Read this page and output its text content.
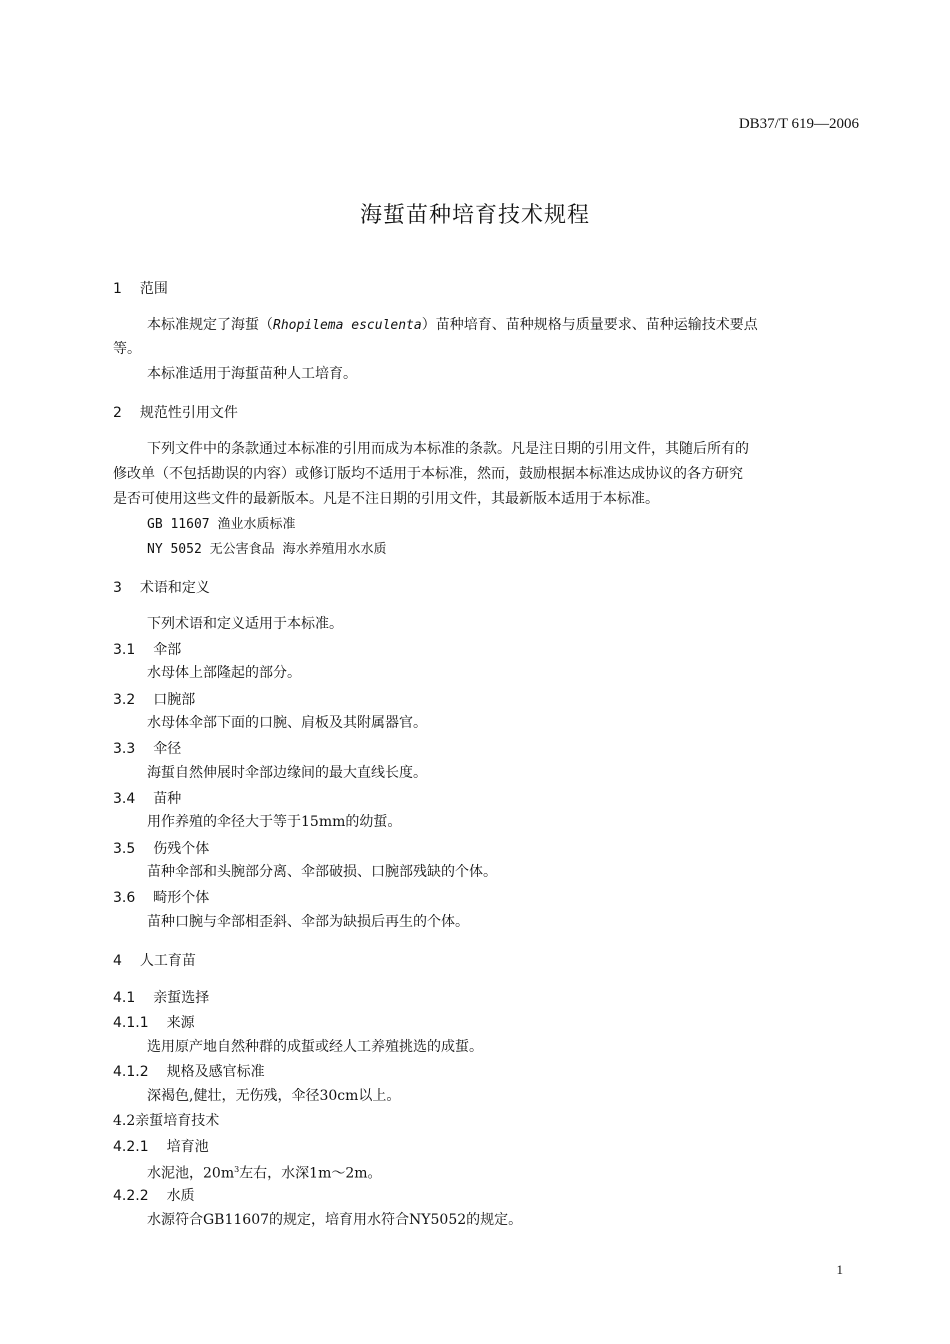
DB37/T 619—2006
海蜇苗种培育技术规程
1 范围
本标准规定了海蜇（Rhopilema esculenta）苗种培育、苗种规格与质量要求、苗种运输技术要点
等。
本标准适用于海蜇苗种人工培育。
2 规范性引用文件
下列文件中的条款通过本标准的引用而成为本标准的条款。凡是注日期的引用文件，其随后所有的
修改单（不包括勘误的内容）或修订版均不适用于本标准，然而，鼓励根据本标准达成协议的各方研究
是否可使用这些文件的最新版本。凡是不注日期的引用文件，其最新版本适用于本标准。
GB 11607 渔业水质标准
NY 5052 无公害食品 海水养殖用水水质
3 术语和定义
下列术语和定义适用于本标准。
3.1 伞部
水母体上部隆起的部分。
3.2 口腕部
水母体伞部下面的口腕、肩板及其附属器官。
3.3 伞径
海蜇自然伸展时伞部边缘间的最大直线长度。
3.4 苗种
用作养殖的伞径大于等于15mm的幼蜇。
3.5 伤残个体
苗种伞部和头腕部分离、伞部破损、口腕部残缺的个体。
3.6 畸形个体
苗种口腕与伞部相歪斜、伞部为缺损后再生的个体。
4 人工育苗
4.1 亲蜇选择
4.1.1 来源
选用原产地自然种群的成蜇或经人工养殖挑选的成蜇。
4.1.2 规格及感官标准
深褐色,健壮，无伤残，伞径30cm以上。
4.2亲蜇培育技术
4.2.1 培育池
水泥池，$20m^3$左右，水深1m～2m。
4.2.2 水质
水源符合GB11607的规定，培育用水符合NY5052的规定。
1
